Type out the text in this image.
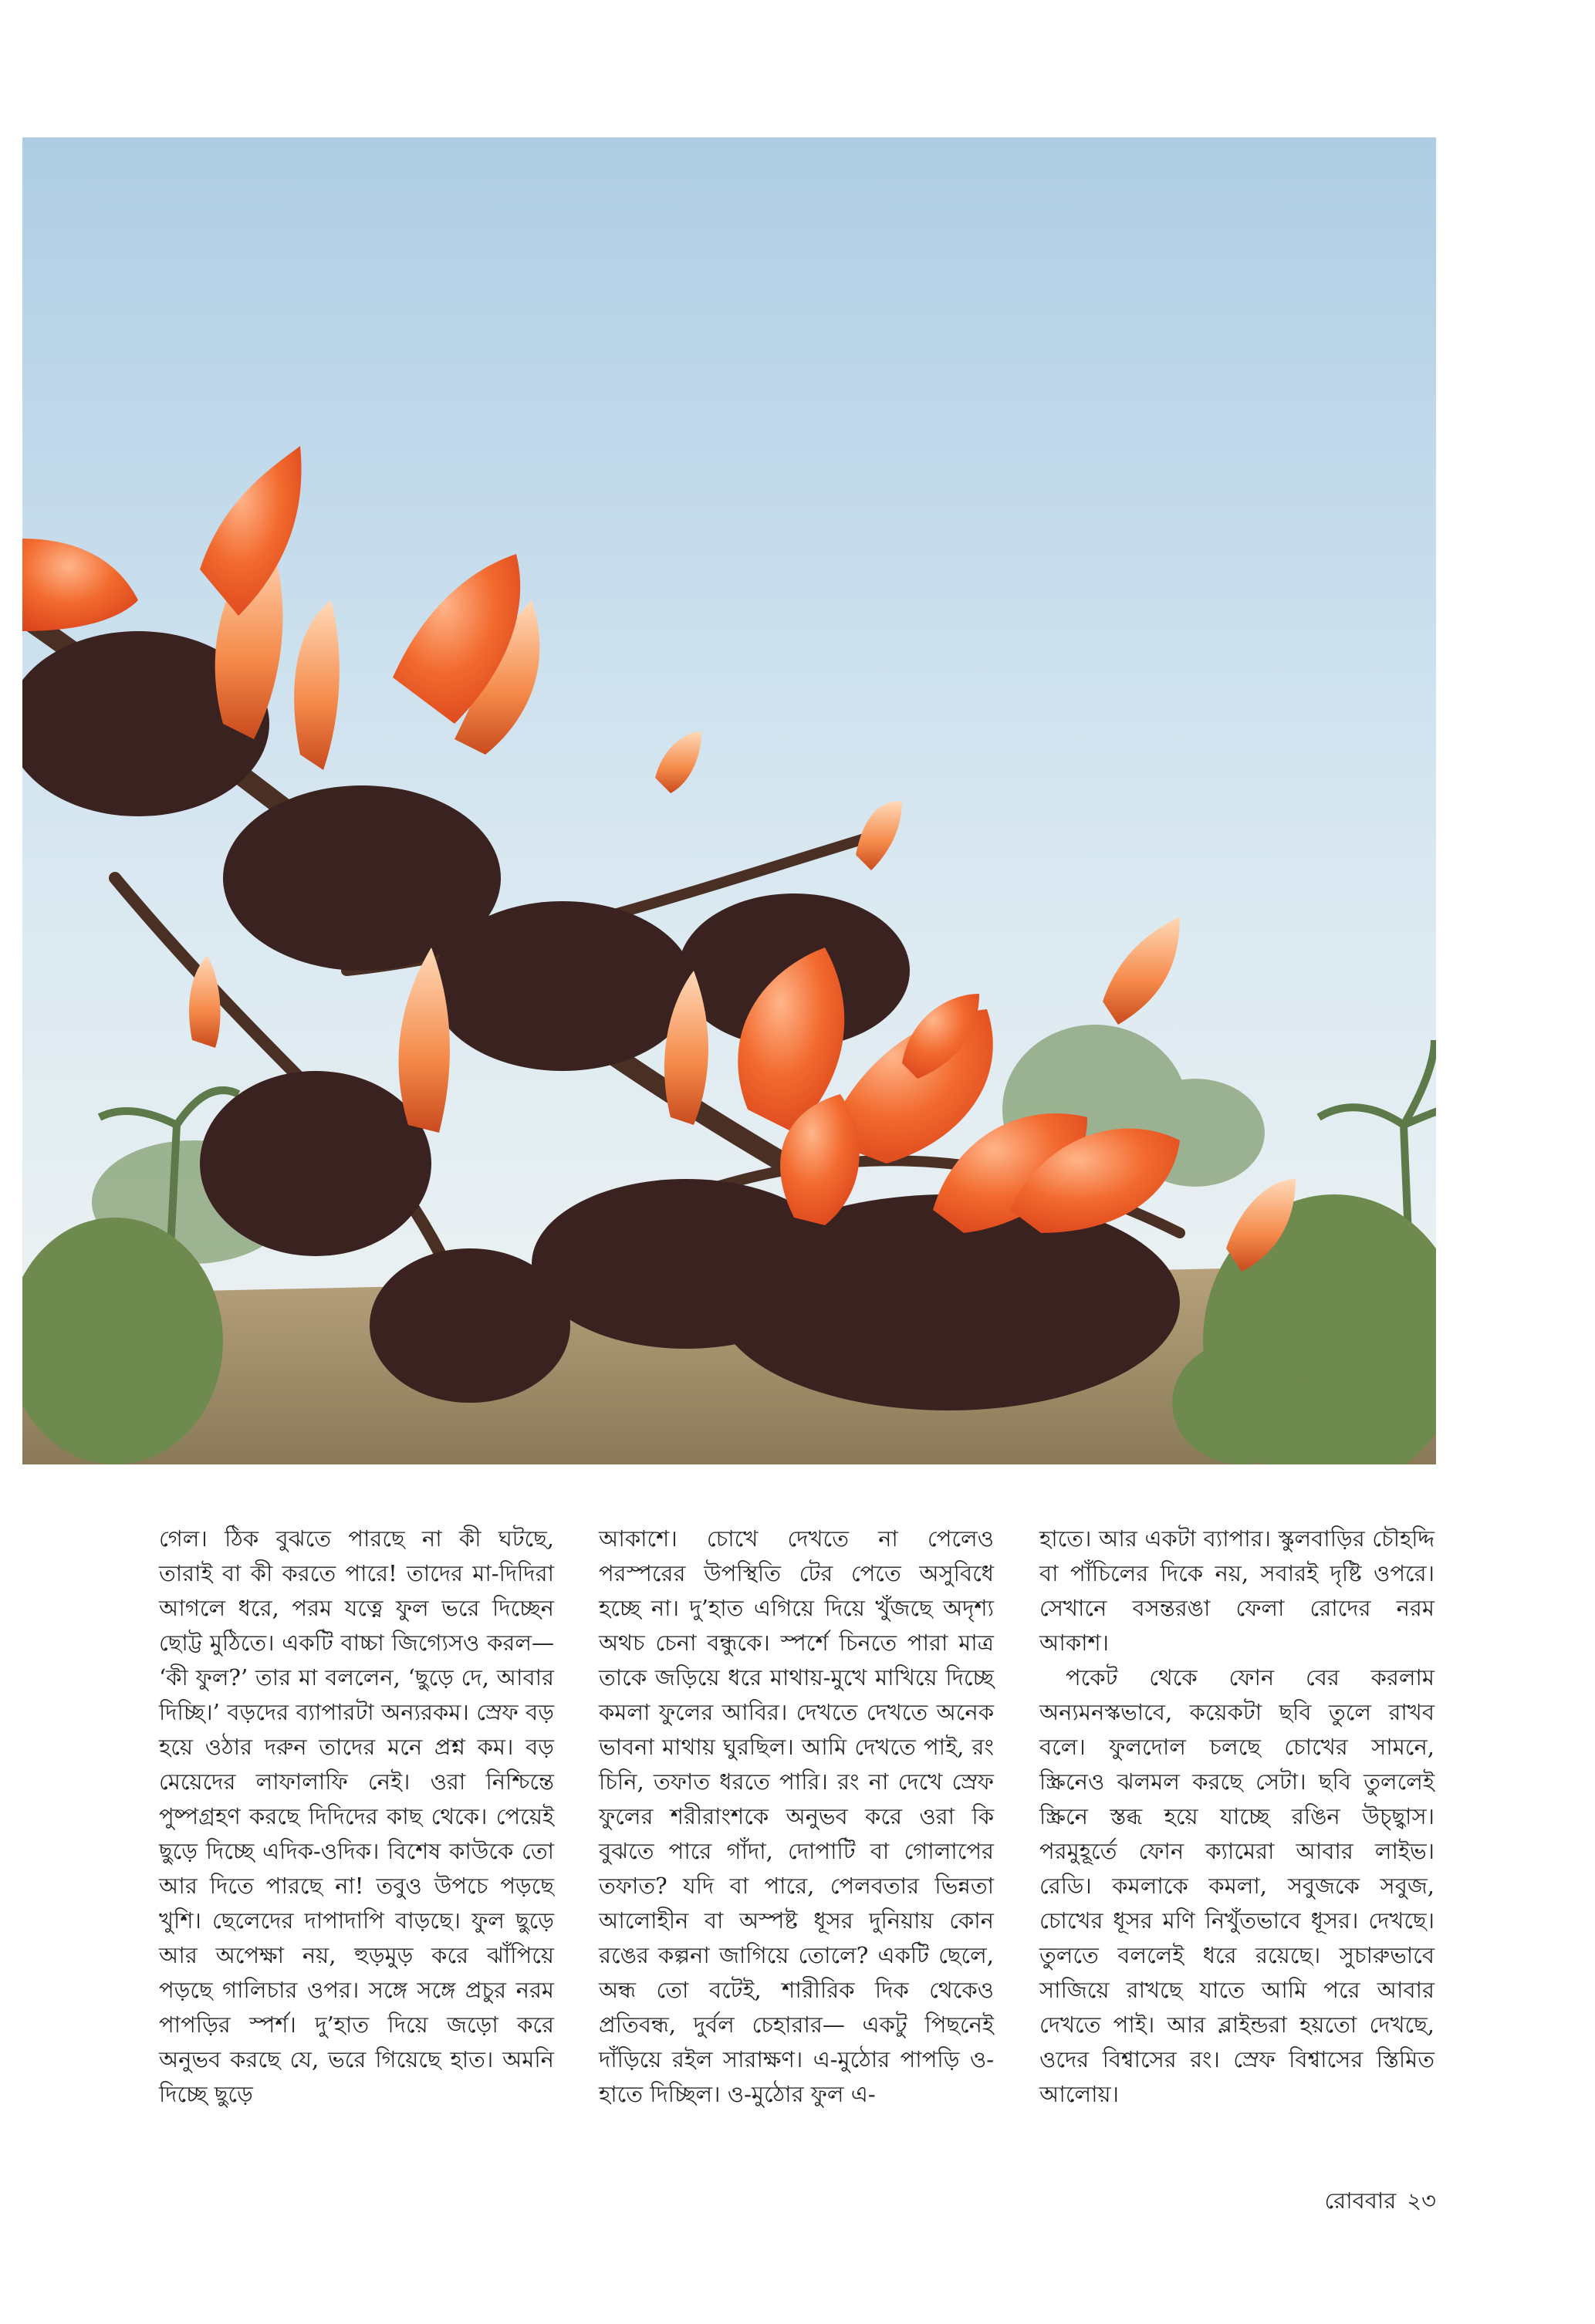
গেল। ঠিক বুঝতে পারছে না কী ঘটছে, তারাই বা কী করতে পারে! তাদের মা-দিদিরা আগলে ধরে, পরম যত্নে ফুল ভরে দিচ্ছেন ছোট্ট মুঠিতে। একটি বাচ্চা জিগ্যেসও করল— ‘কী ফুল?’ তার মা বললেন, ‘ছুড়ে দে, আবার দিচ্ছি।’ বড়দের ব্যাপারটা অন্যরকম। স্রেফ বড় হয়ে ওঠার দরুন তাদের মনে প্রশ্ন কম। বড় মেয়েদের লাফালাফি নেই। ওরা নিশ্চিন্তে পুষ্পগ্রহণ করছে দিদিদের কাছ থেকে। পেয়েই ছুড়ে দিচ্ছে এদিক-ওদিক। বিশেষ কাউকে তো আর দিতে পারছে না! তবুও উপচে পড়ছে খুশি। ছেলেদের দাপাদাপি বাড়ছে। ফুল ছুড়ে আর অপেক্ষা নয়, হুড়মুড় করে ঝাঁপিয়ে পড়ছে গালিচার ওপর। সঙ্গে সঙ্গে প্রচুর নরম পাপড়ির স্পর্শ। দু’হাত দিয়ে জড়ো করে অনুভব করছে যে, ভরে গিয়েছে হাত। অমনি দিচ্ছে ছুড়ে

আকাশে। চোখে দেখতে না পেলেও পরস্পরের উপস্থিতি টের পেতে অসুবিধে হচ্ছে না। দু’হাত এগিয়ে দিয়ে খুঁজছে অদৃশ্য অথচ চেনা বন্ধুকে। স্পর্শে চিনতে পারা মাত্র তাকে জড়িয়ে ধরে মাথায়-মুখে মাখিয়ে দিচ্ছে কমলা ফুলের আবির। দেখতে দেখতে অনেক ভাবনা মাথায় ঘুরছিল। আমি দেখতে পাই, রং চিনি, তফাত ধরতে পারি। রং না দেখে স্রেফ ফুলের শরীরাংশকে অনুভব করে ওরা কি বুঝতে পারে গাঁদা, দোপাটি বা গোলাপের তফাত? যদি বা পারে, পেলবতার ভিন্নতা আলোহীন বা অস্পষ্ট ধূসর দুনিয়ায় কোন রঙের কল্পনা জাগিয়ে তোলে? একটি ছেলে, অন্ধ তো বটেই, শারীরিক দিক থেকেও প্রতিবন্ধ, দুর্বল চেহারার— একটু পিছনেই দাঁড়িয়ে রইল সারাক্ষণ। এ-মুঠোর পাপড়ি ও-হাতে দিচ্ছিল। ও-মুঠোর ফুল এ-

হাতে। আর একটা ব্যাপার। স্কুলবাড়ির চৌহদ্দি বা পাঁচিলের দিকে নয়, সবারই দৃষ্টি ওপরে। সেখানে বসন্তরঙা ফেলা রোদের নরম আকাশ।

পকেট থেকে ফোন বের করলাম অন্যমনস্কভাবে, কয়েকটা ছবি তুলে রাখব বলে। ফুলদোল চলছে চোখের সামনে, স্ক্রিনেও ঝলমল করছে সেটা। ছবি তুললেই স্ক্রিনে স্তব্ধ হয়ে যাচ্ছে রঙিন উচ্ছ্বাস। পরমুহূর্তে ফোন ক্যামেরা আবার লাইভ। রেডি। কমলাকে কমলা, সবুজকে সবুজ, চোখের ধূসর মণি নিখুঁতভাবে ধূসর। দেখছে। তুলতে বললেই ধরে রয়েছে। সুচারুভাবে সাজিয়ে রাখছে যাতে আমি পরে আবার দেখতে পাই। আর ব্লাইন্ডরা হয়তো দেখছে, ওদের বিশ্বাসের রং। স্রেফ বিশ্বাসের স্তিমিত আলোয়।

রোববার ২৩
